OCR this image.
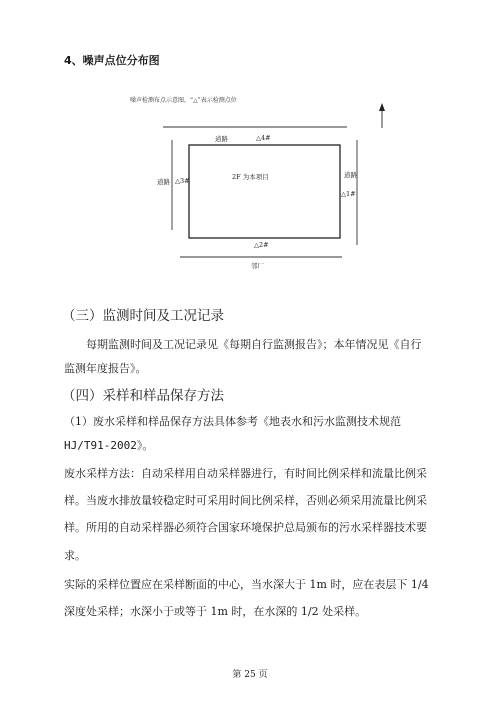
4、噪声点位分布图
噪声检测布点示意图，“△”表示检测点位
道路	△4#
道路 △3#	2F 为本项目	道路
△1#
△2#
邻厂
（三）监测时间及工况记录
每期监测时间及工况记录见《每期自行监测报告》；本年情况见《自行
监测年度报告》。
（四）采样和样品保存方法
（1）废水采样和样品保存方法具体参考《地表水和污水监测技术规范
HJ/T91-2002》。
废水采样方法：自动采样用自动采样器进行，有时间比例采样和流量比例采
样。当废水排放量较稳定时可采用时间比例采样，否则必须采用流量比例采
样。所用的自动采样器必须符合国家环境保护总局颁布的污水采样器技术要
求。
实际的采样位置应在采样断面的中心，当水深大于 1m 时，应在表层下 1/4
深度处采样；水深小于或等于 1m 时，在水深的 1/2 处采样。
第 25 页
